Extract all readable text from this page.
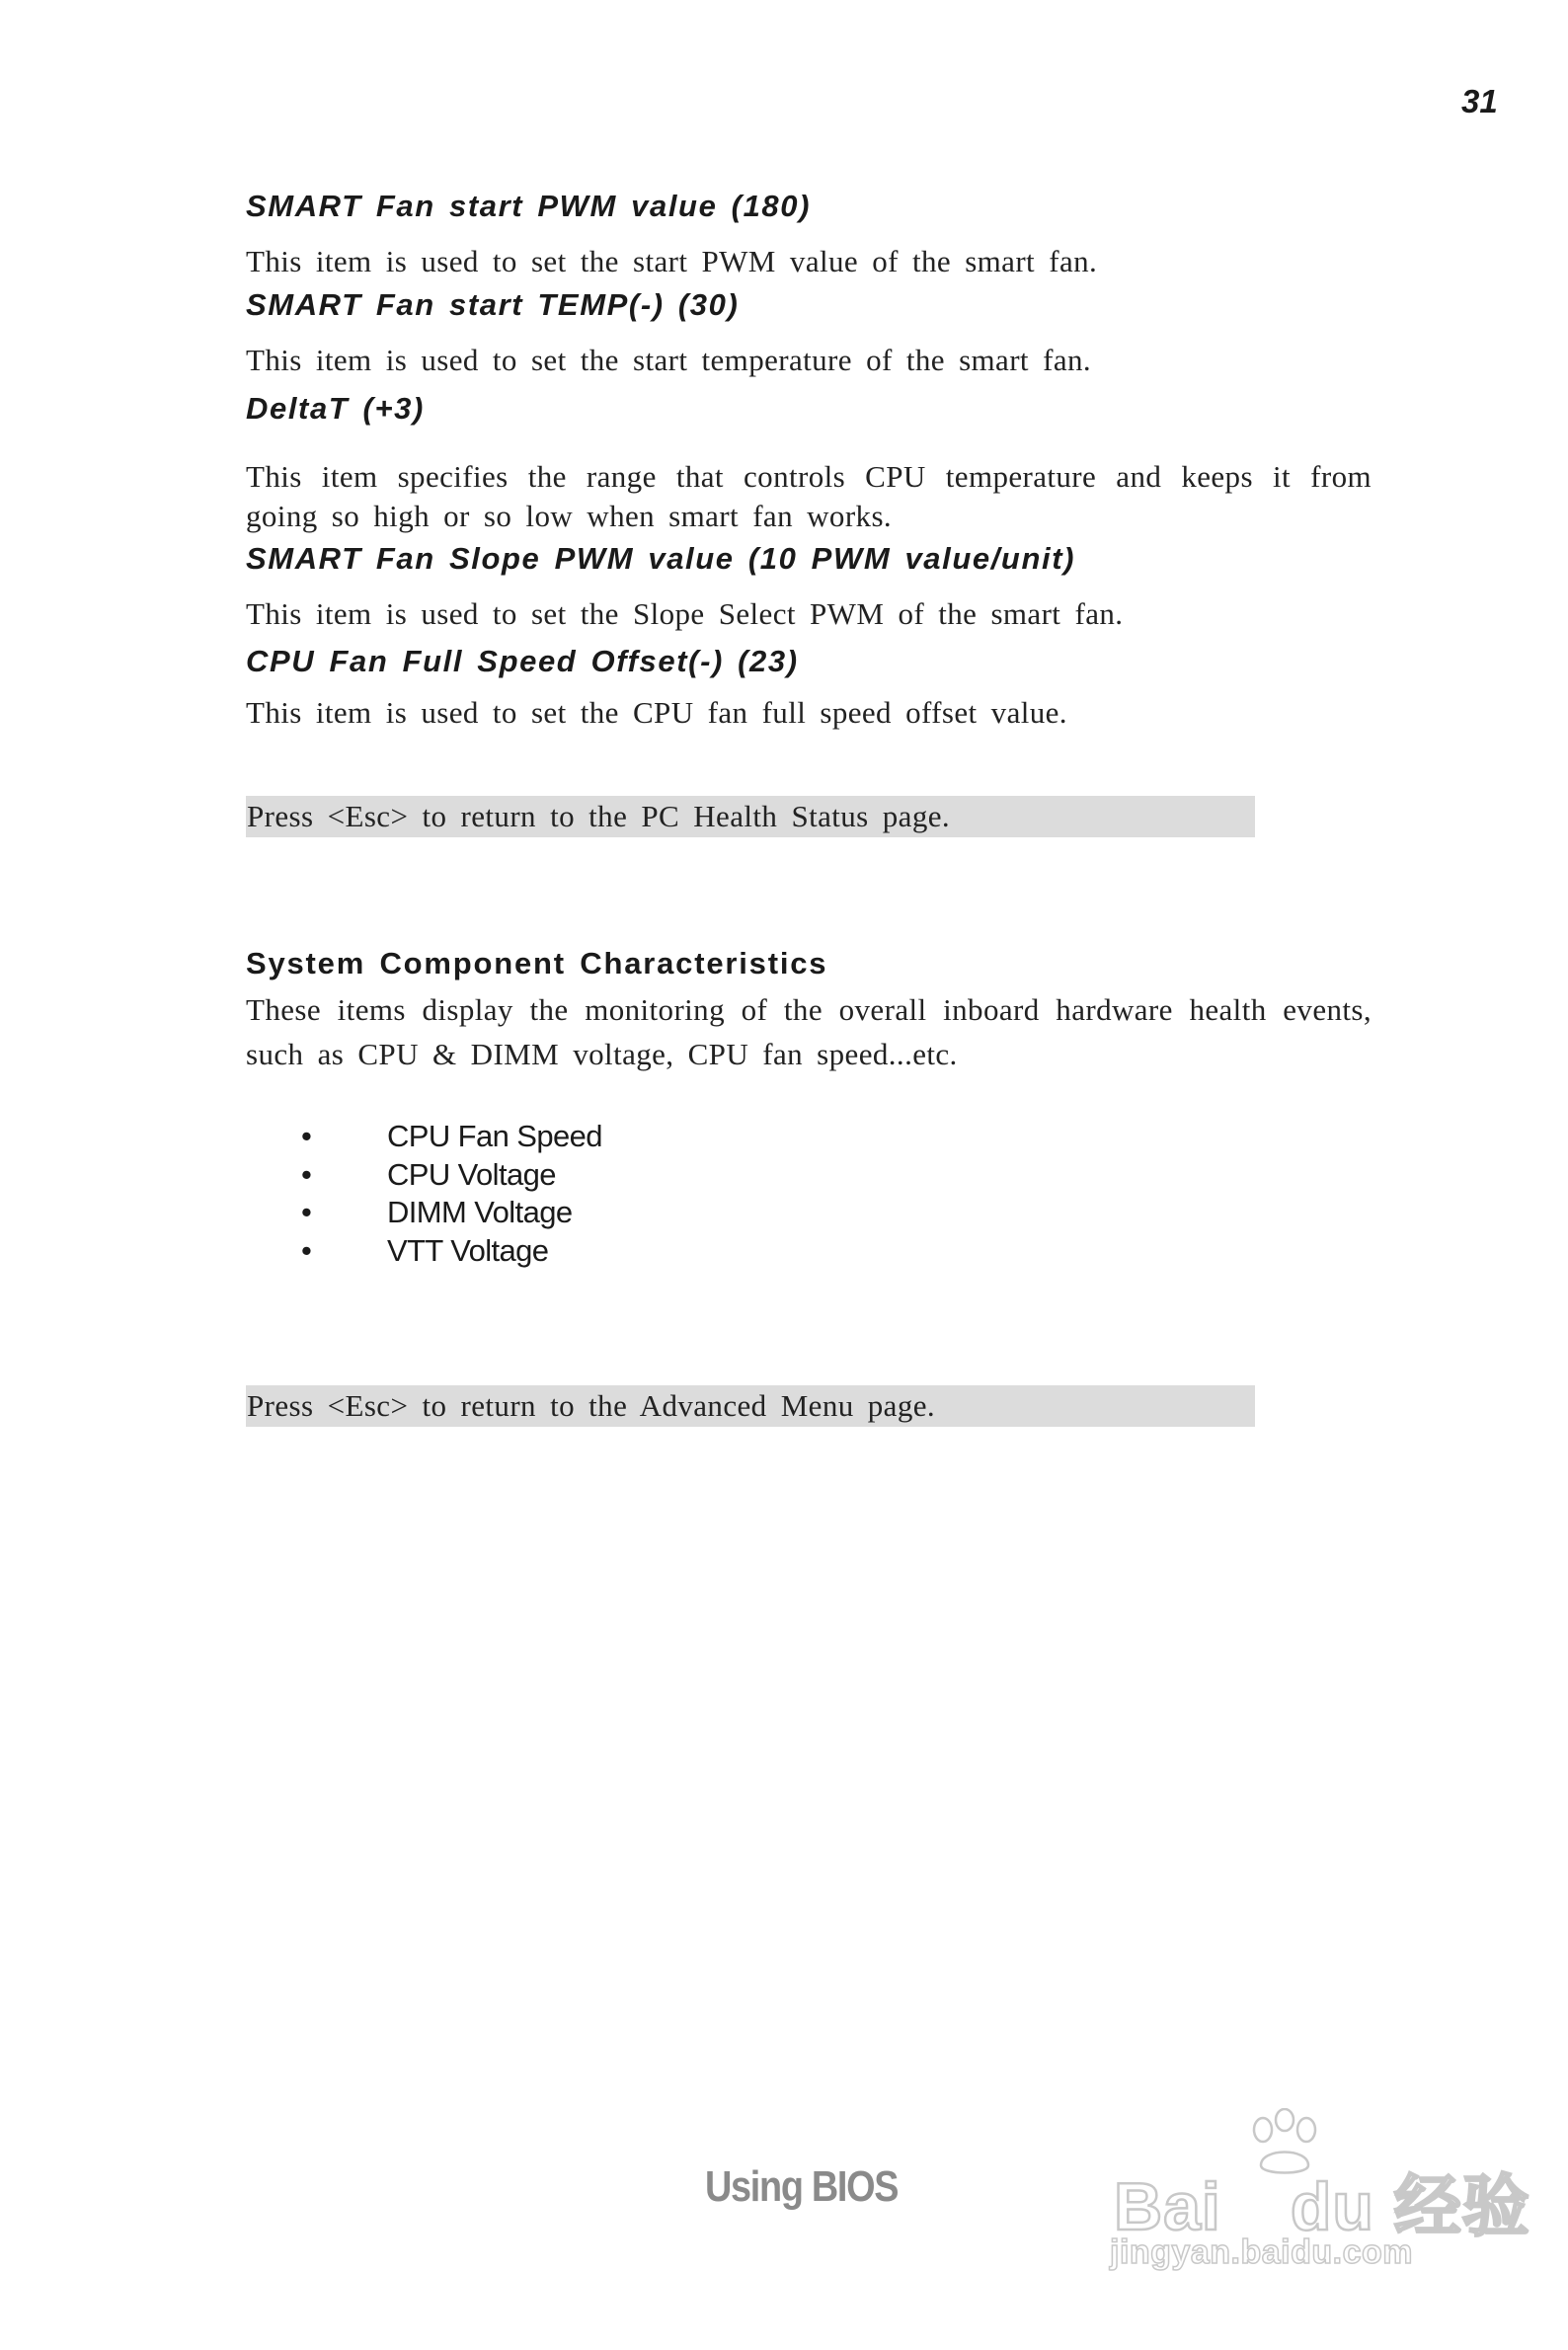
31
SMART Fan start PWM value (180)
This item is used to set the start PWM value of the smart fan.
SMART Fan start TEMP(-) (30)
This item is used to set the start temperature of the smart fan.
DeltaT (+3)
This item specifies the range that controls CPU temperature and keeps it from going so high or so low when smart fan works.
SMART Fan Slope PWM value (10 PWM value/unit)
This item is used to set the Slope Select PWM of the smart fan.
CPU Fan Full Speed Offset(-) (23)
This item is used to set the CPU fan full speed offset value.
Press <Esc> to return to the PC Health Status page.
System Component Characteristics
These items display the monitoring of the overall inboard hardware health events, such as CPU & DIMM voltage, CPU fan speed...etc.
•	CPU Fan Speed
•	CPU Voltage
•	DIMM Voltage
•	VTT Voltage
Press <Esc> to return to the Advanced Menu page.
Using BIOS	Bai du 经验
jingyan.baidu.com
